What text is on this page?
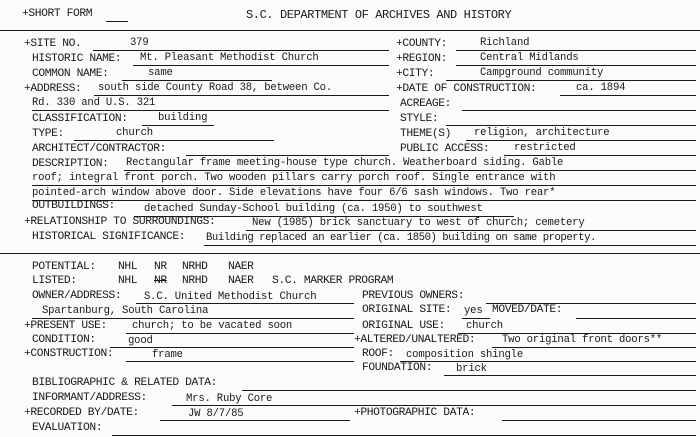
+SHORT FORM	S.C. DEPARTMENT OF ARCHIVES AND HISTORY
+SITE NO.	379	+COUNTY:	Richland
HISTORIC NAME: Mt. Pleasant Methodist Church	+REGION:	Central Midlands
COMMON NAME:	same	+CITY:	Campground community
+ADDRESS: south side County Road 38, between Co.	+DATE OF CONSTRUCTION:	ca. 1894
Rd. 330 and U.S. 321	ACREAGE:
CLASSIFICATION:	building	STYLE:
TYPE:	church	THEME(S) religion, architecture
ARCHITECT/CONTRACTOR:	PUBLIC ACCESS: restricted
DESCRIPTION: Rectangular frame meeting-house type church. Weatherboard siding. Gable
roof; integral front porch. Two wooden pillars carry porch roof. Single entrance with
pointed-arch window above door. Side elevations have four 6/6 sash windows. Two rear*
OUTBUILDINGS:	detached Sunday-School building (ca. 1950) to southwest
+RELATIONSHIP TO SURROUNDINGS:	New (1985) brick sanctuary to west of church; cemetery
HISTORICAL SIGNIFICANCE: Building replaced an earlier (ca. 1850) building on same property.
POTENTIAL: NHL NR NRHD NAER
LISTED:	NHL NR NRHD NAER S.C. MARKER PROGRAM
OWNER/ADDRESS: S.C. United Methodist Church	PREVIOUS OWNERS:
Spartanburg, South Carolina	ORIGINAL SITE: yes MOVED/DATE:
+PRESENT USE: church; to be vacated soon	ORIGINAL USE: church
CONDITION:	good	+ALTERED/UNALTERED:	Two original front doors**
+CONSTRUCTION:	frame	ROOF: composition shingle
FOUNDATION: brick
BIBLIOGRAPHIC & RELATED DATA:
INFORMANT/ADDRESS:	Mrs. Ruby Core
+RECORDED BY/DATE:	JW 8/7/85	+PHOTOGRAPHIC DATA:
EVALUATION:
